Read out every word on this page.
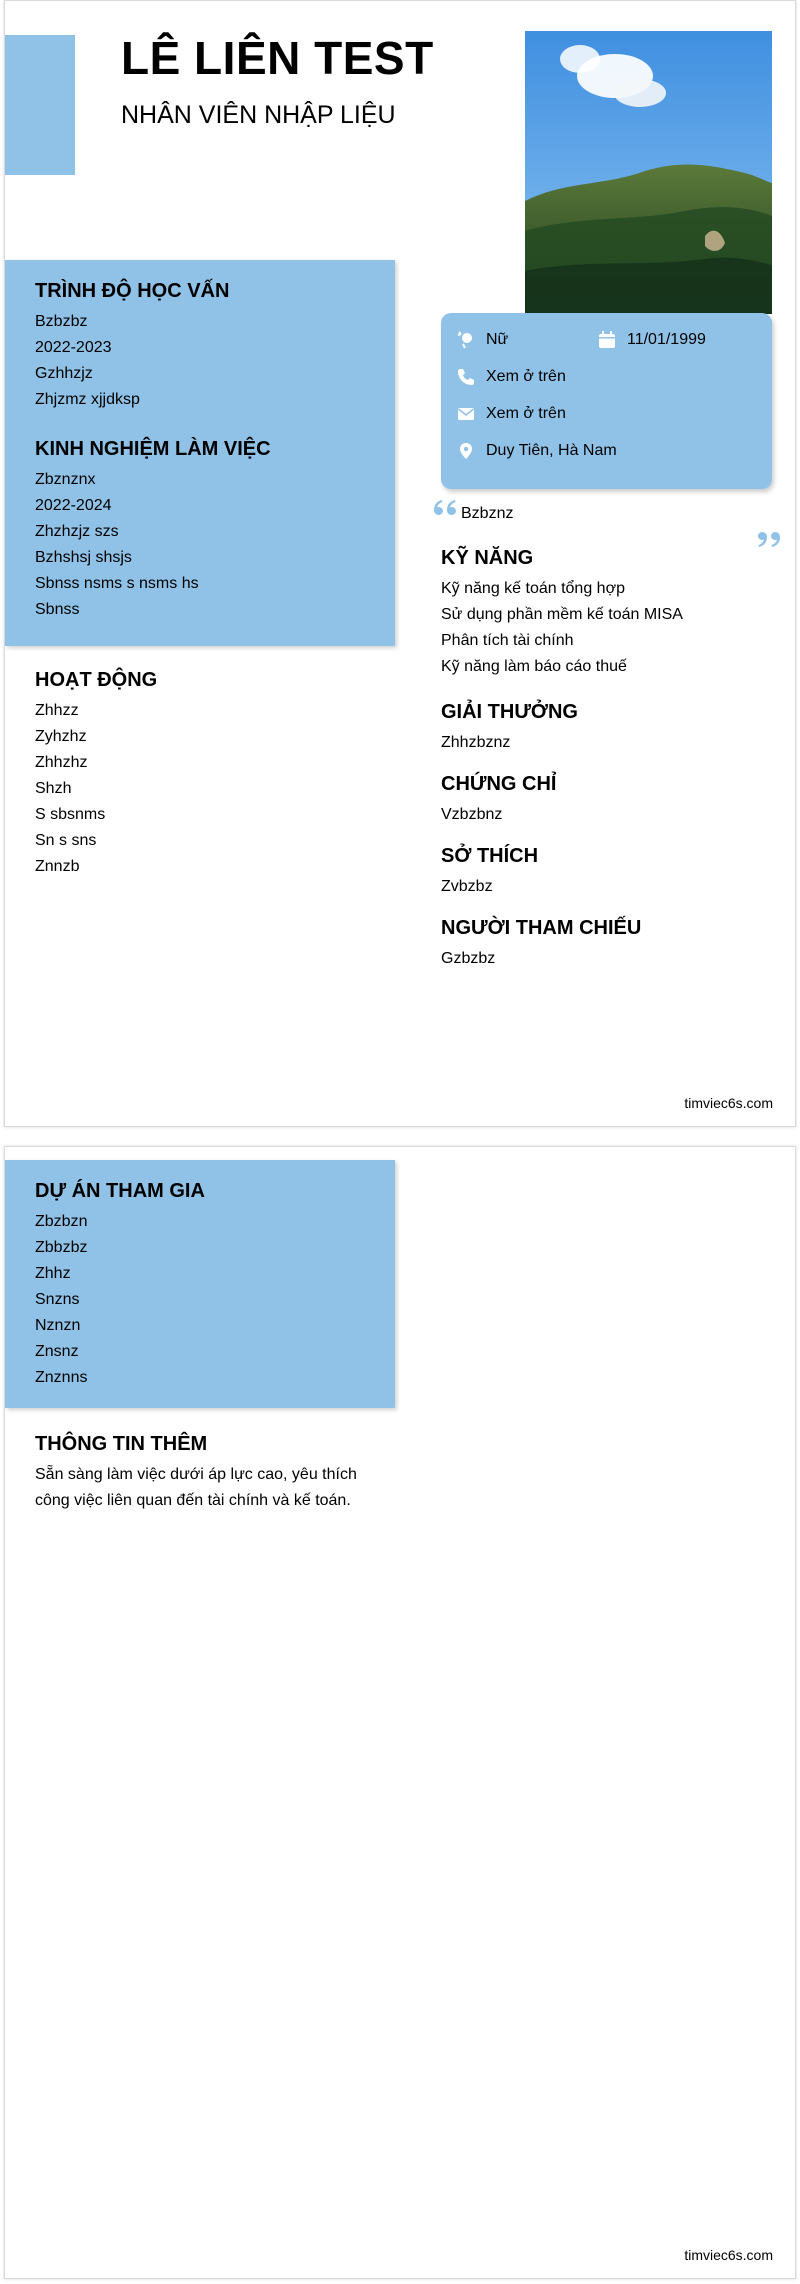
LÊ LIÊN TEST
NHÂN VIÊN NHẬP LIỆU
TRÌNH ĐỘ HỌC VẤN
Bzbzbz
2022-2023
Gzhhzjz
Zhjzmz xjjdksp
KINH NGHIỆM LÀM VIỆC
Zbznznx
2022-2024
Zhzhzjz szs
Bzhshsj shsjs
Sbnss nsms s nsms hs
Sbnss
HOẠT ĐỘNG
Zhhzz
Zyhzhz
Zhhzhz
Shzh
S sbsnms
Sn s sns
Znnzb
Nữ	11/01/1999
Xem ở trên
Xem ở trên
Duy Tiên, Hà Nam
Bzbznz
KỸ NĂNG
Kỹ năng kế toán tổng hợp
Sử dụng phần mềm kế toán MISA
Phân tích tài chính
Kỹ năng làm báo cáo thuế
GIẢI THƯỞNG
Zhhzbznz
CHỨNG CHỈ
Vzbzbnz
SỞ THÍCH
Zvbzbz
NGƯỜI THAM CHIẾU
Gzbzbz
timviec6s.com
DỰ ÁN THAM GIA
Zbzbzn
Zbbzbz
Zhhz
Snzns
Nznzn
Znsnz
Znznns
THÔNG TIN THÊM
Sẵn sàng làm việc dưới áp lực cao, yêu thích
công việc liên quan đến tài chính và kế toán.
timviec6s.com
